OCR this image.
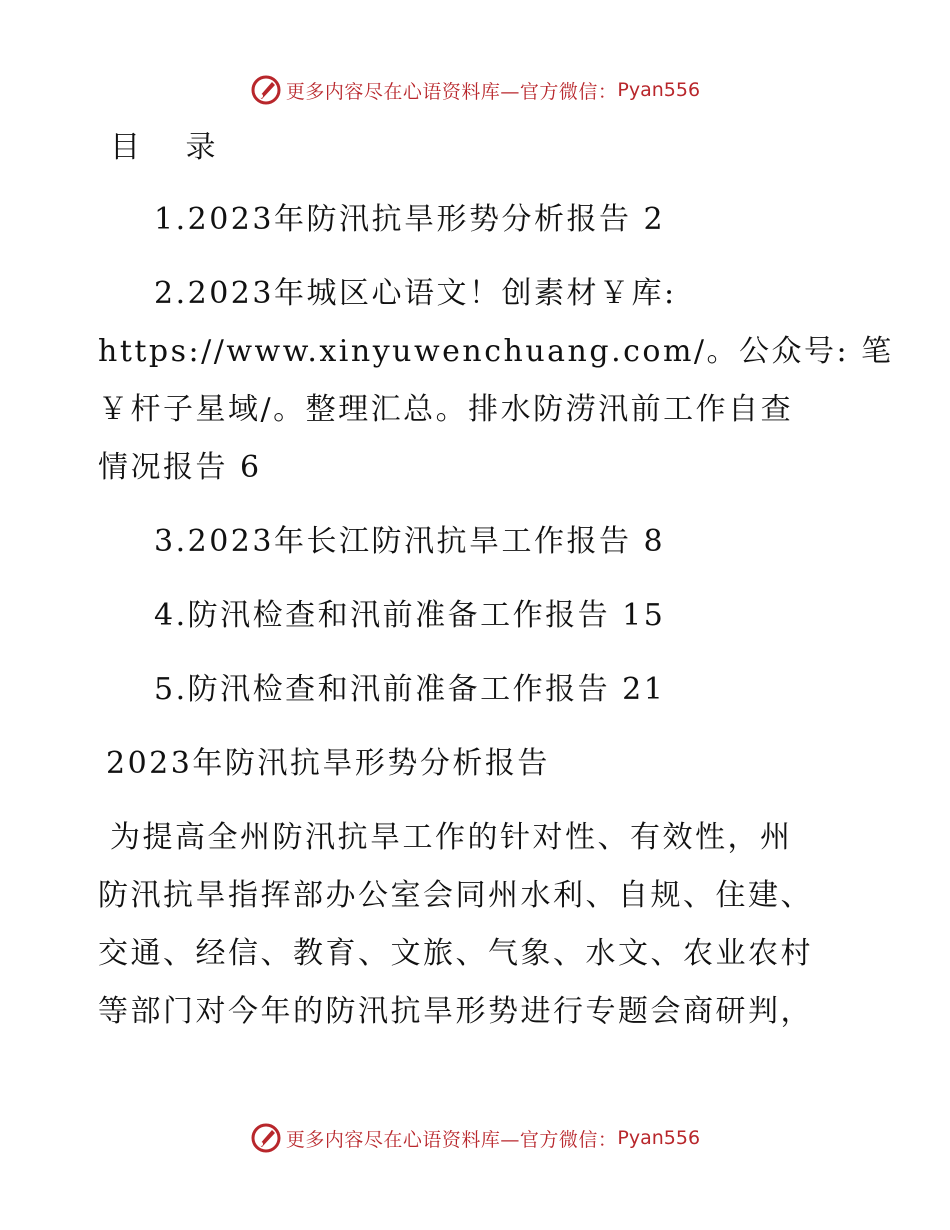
更多内容尽在心语资料库—官方微信： Pyan556
目 录
1.2023年防汛抗旱形势分析报告 2
2.2023年城区心语文！创素材￥库:
https://www.xinyuwenchuang.com/。公众号: 笔
￥杆子星域/。整理汇总。排水防涝汛前工作自查
情况报告 6
3.2023年长江防汛抗旱工作报告 8
4.防汛检查和汛前准备工作报告 15
5.防汛检查和汛前准备工作报告 21
2023年防汛抗旱形势分析报告
为提高全州防汛抗旱工作的针对性、有效性，州
防汛抗旱指挥部办公室会同州水利、自规、住建、
交通、经信、教育、文旅、气象、水文、农业农村
等部门对今年的防汛抗旱形势进行专题会商研判，
更多内容尽在心语资料库—官方微信： Pyan556
